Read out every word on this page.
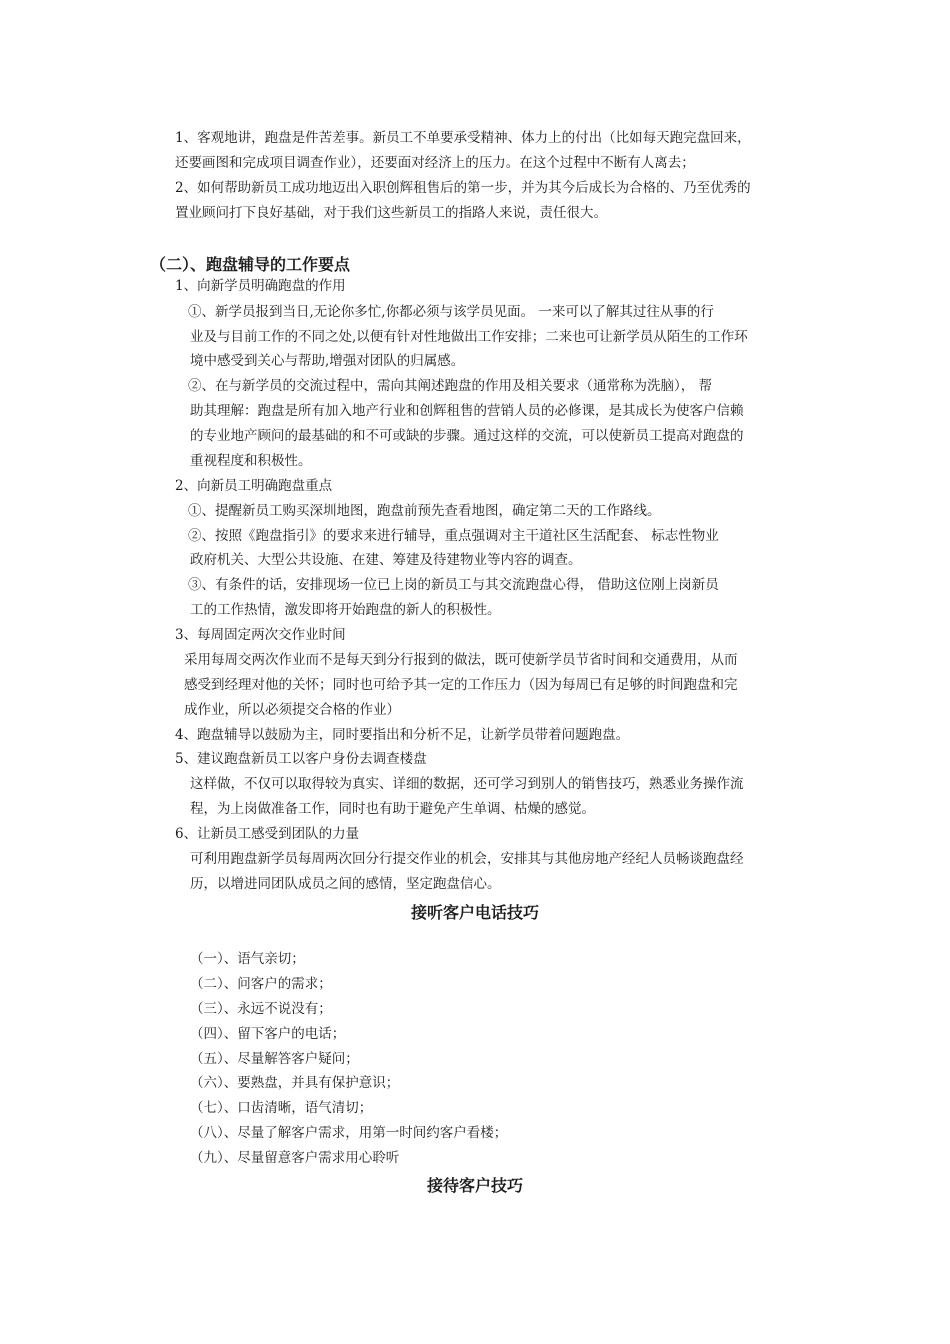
1、客观地讲，跑盘是件苦差事。新员工不单要承受精神、体力上的付出（比如每天跑完盘回来，
还要画图和完成项目调查作业），还要面对经济上的压力。在这个过程中不断有人离去；
2、如何帮助新员工成功地迈出入职创辉租售后的第一步，并为其今后成长为合格的、乃至优秀的
置业顾问打下良好基础，对于我们这些新员工的指路人来说，责任很大。
（二）、跑盘辅导的工作要点
1、向新学员明确跑盘的作用
①、新学员报到当日,无论你多忙,你都必须与该学员见面。 一来可以了解其过往从事的行
业及与目前工作的不同之处,以便有针对性地做出工作安排；二来也可让新学员从陌生的工作环
境中感受到关心与帮助,增强对团队的归属感。
②、在与新学员的交流过程中，需向其阐述跑盘的作用及相关要求（通常称为洗脑）， 帮
助其理解：跑盘是所有加入地产行业和创辉租售的营销人员的必修课，是其成长为使客户信赖
的专业地产顾问的最基础的和不可或缺的步骤。通过这样的交流，可以使新员工提高对跑盘的
重视程度和积极性。
2、向新员工明确跑盘重点
①、提醒新员工购买深圳地图，跑盘前预先查看地图，确定第二天的工作路线。
②、按照《跑盘指引》的要求来进行辅导，重点强调对主干道社区生活配套、 标志性物业
政府机关、大型公共设施、在建、筹建及待建物业等内容的调查。
③、有条件的话，安排现场一位已上岗的新员工与其交流跑盘心得， 借助这位刚上岗新员
工的工作热情，激发即将开始跑盘的新人的积极性。
3、每周固定两次交作业时间
采用每周交两次作业而不是每天到分行报到的做法，既可使新学员节省时间和交通费用，从而
感受到经理对他的关怀；同时也可给予其一定的工作压力（因为每周已有足够的时间跑盘和完
成作业，所以必须提交合格的作业）
4、跑盘辅导以鼓励为主，同时要指出和分析不足，让新学员带着问题跑盘。
5、建议跑盘新员工以客户身份去调查楼盘
这样做，不仅可以取得较为真实、详细的数据，还可学习到别人的销售技巧，熟悉业务操作流
程，为上岗做准备工作，同时也有助于避免产生单调、枯燥的感觉。
6、让新员工感受到团队的力量
可利用跑盘新学员每周两次回分行提交作业的机会，安排其与其他房地产经纪人员畅谈跑盘经
历，以增进同团队成员之间的感情，坚定跑盘信心。
接听客户电话技巧
（一）、语气亲切；
（二）、问客户的需求；
（三）、永远不说没有；
（四）、留下客户的电话；
（五）、尽量解答客户疑问；
（六）、要熟盘，并具有保护意识；
（七）、口齿清晰，语气清切；
（八）、尽量了解客户需求，用第一时间约客户看楼；
（九）、尽量留意客户需求用心聆听
接待客户技巧
